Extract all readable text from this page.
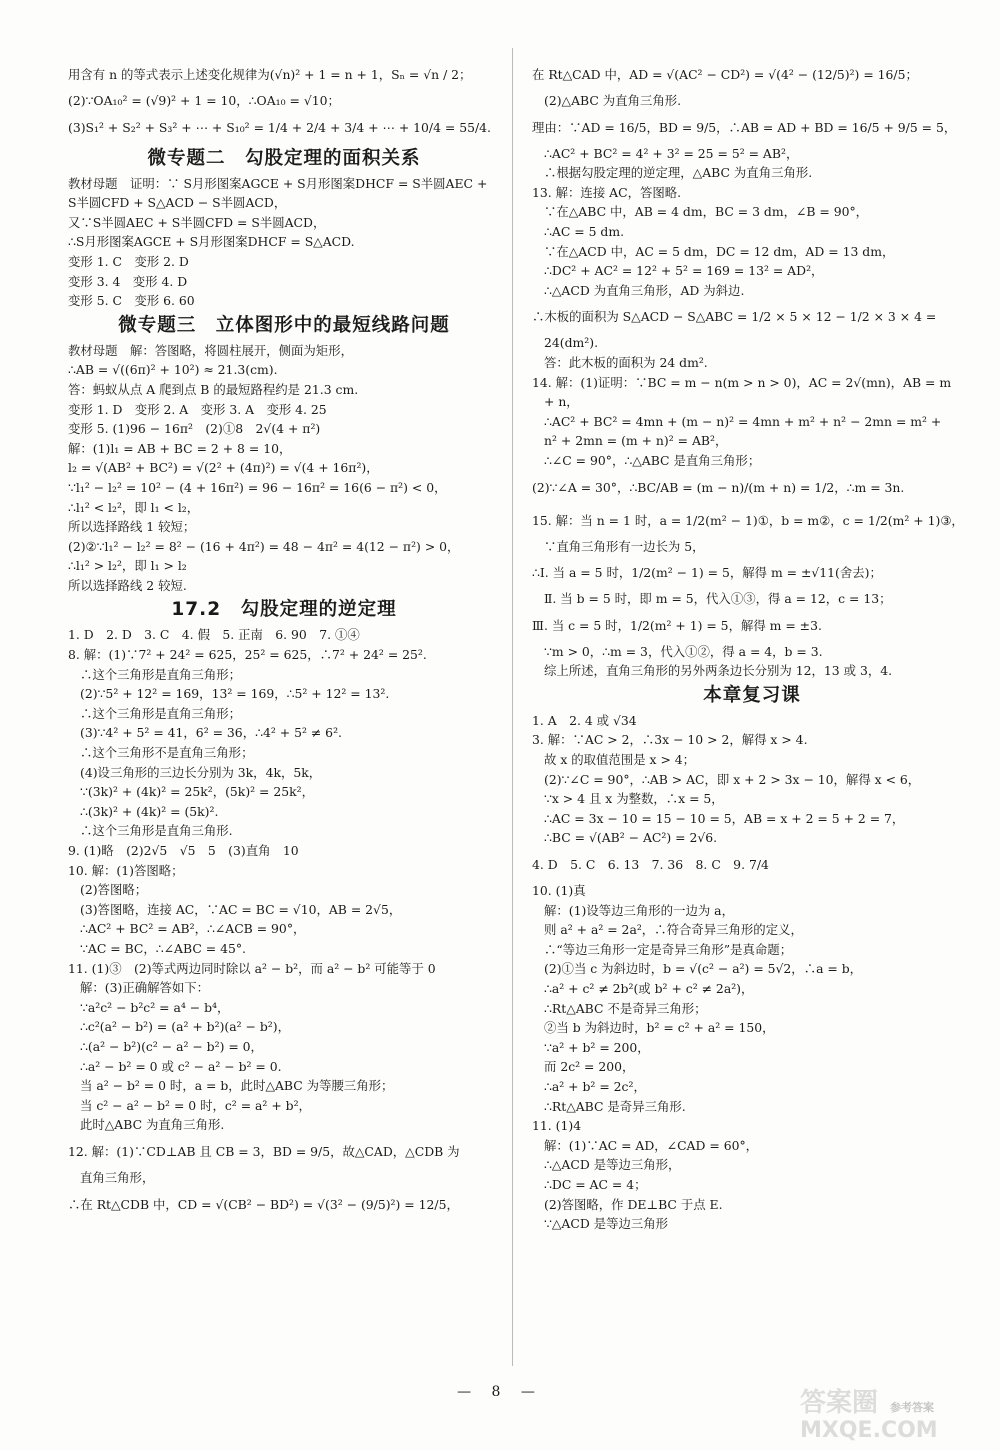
用含有 n 的等式表示上述变化规律为(√n)² + 1 = n + 1，Sₙ = √n / 2；
(2)∵OA₁₀² = (√9)² + 1 = 10，∴OA₁₀ = √10；
(3)S₁² + S₂² + S₃² + ⋯ + S₁₀² = 1/4 + 2/4 + 3/4 + ⋯ + 10/4 = 55/4.
微专题二　勾股定理的面积关系
教材母题　证明：∵ S月形图案AGCE + S月形图案DHCF = S半圆AEC +
S半圆CFD + S△ACD − S半圆ACD，
又∵S半圆AEC + S半圆CFD = S半圆ACD，
∴S月形图案AGCE + S月形图案DHCF = S△ACD.
变形 1. C　变形 2. D
变形 3. 4　变形 4. D
变形 5. C　变形 6. 60
微专题三　立体图形中的最短线路问题
教材母题　解：答图略，将圆柱展开，侧面为矩形，
∴AB = √((6π)² + 10²) ≈ 21.3(cm).
答：蚂蚁从点 A 爬到点 B 的最短路程约是 21.3 cm.
变形 1. D　变形 2. A　变形 3. A　变形 4. 25
变形 5. (1)96 − 16π²　(2)①8　2√(4 + π²)
解：(1)l₁ = AB + BC = 2 + 8 = 10，
l₂ = √(AB² + BC²) = √(2² + (4π)²) = √(4 + 16π²)，
∵l₁² − l₂² = 10² − (4 + 16π²) = 96 − 16π² = 16(6 − π²) < 0，
∴l₁² < l₂²，即 l₁ < l₂，
所以选择路线 1 较短；
(2)②∵l₁² − l₂² = 8² − (16 + 4π²) = 48 − 4π² = 4(12 − π²) > 0，
∴l₁² > l₂²，即 l₁ > l₂
所以选择路线 2 较短.
17.2　勾股定理的逆定理
1. D　2. D　3. C　4. 假　5. 正南　6. 90　7. ①④
8. 解：(1)∵7² + 24² = 625，25² = 625，∴7² + 24² = 25².
∴这个三角形是直角三角形；
(2)∵5² + 12² = 169，13² = 169，∴5² + 12² = 13².
∴这个三角形是直角三角形；
(3)∵4² + 5² = 41，6² = 36，∴4² + 5² ≠ 6².
∴这个三角形不是直角三角形；
(4)设三角形的三边长分别为 3k，4k，5k，
∵(3k)² + (4k)² = 25k²，(5k)² = 25k²，
∴(3k)² + (4k)² = (5k)².
∴这个三角形是直角三角形.
9. (1)略　(2)2√5　√5　5　(3)直角　10
10. 解：(1)答图略；
(2)答图略；
(3)答图略，连接 AC，∵AC = BC = √10，AB = 2√5，
∴AC² + BC² = AB²，∴∠ACB = 90°，
∵AC = BC，∴∠ABC = 45°.
11. (1)③　(2)等式两边同时除以 a² − b²，而 a² − b² 可能等于 0
解：(3)正确解答如下：
∵a²c² − b²c² = a⁴ − b⁴，
∴c²(a² − b²) = (a² + b²)(a² − b²)，
∴(a² − b²)(c² − a² − b²) = 0，
∴a² − b² = 0 或 c² − a² − b² = 0.
当 a² − b² = 0 时，a = b，此时△ABC 为等腰三角形；
当 c² − a² − b² = 0 时，c² = a² + b²，
此时△ABC 为直角三角形.
12. 解：(1)∵CD⊥AB 且 CB = 3，BD = 9/5，故△CAD，△CDB 为
直角三角形，
∴在 Rt△CDB 中，CD = √(CB² − BD²) = √(3² − (9/5)²) = 12/5，
在 Rt△CAD 中，AD = √(AC² − CD²) = √(4² − (12/5)²) = 16/5；
(2)△ABC 为直角三角形.
理由：∵AD = 16/5，BD = 9/5，∴AB = AD + BD = 16/5 + 9/5 = 5，
∴AC² + BC² = 4² + 3² = 25 = 5² = AB²，
∴根据勾股定理的逆定理，△ABC 为直角三角形.
13. 解：连接 AC，答图略.
∵在△ABC 中，AB = 4 dm，BC = 3 dm，∠B = 90°，
∴AC = 5 dm.
∵在△ACD 中，AC = 5 dm，DC = 12 dm，AD = 13 dm，
∴DC² + AC² = 12² + 5² = 169 = 13² = AD²，
∴△ACD 为直角三角形，AD 为斜边.
∴木板的面积为 S△ACD − S△ABC = 1/2 × 5 × 12 − 1/2 × 3 × 4 =
24(dm²).
答：此木板的面积为 24 dm².
14. 解：(1)证明：∵BC = m − n(m > n > 0)，AC = 2√(mn)，AB = m
+ n，
∴AC² + BC² = 4mn + (m − n)² = 4mn + m² + n² − 2mn = m² +
n² + 2mn = (m + n)² = AB²，
∴∠C = 90°，∴△ABC 是直角三角形；
(2)∵∠A = 30°，∴BC/AB = (m − n)/(m + n) = 1/2，∴m = 3n.
15. 解：当 n = 1 时，a = 1/2(m² − 1)①，b = m②，c = 1/2(m² + 1)③，
∵直角三角形有一边长为 5，
∴Ⅰ. 当 a = 5 时，1/2(m² − 1) = 5，解得 m = ±√11(舍去)；
Ⅱ. 当 b = 5 时，即 m = 5，代入①③，得 a = 12，c = 13；
Ⅲ. 当 c = 5 时，1/2(m² + 1) = 5，解得 m = ±3.
∵m > 0，∴m = 3，代入①②，得 a = 4，b = 3.
综上所述，直角三角形的另外两条边长分别为 12，13 或 3，4.
本章复习课
1. A　2. 4 或 √34
3. 解：∵AC > 2，∴3x − 10 > 2，解得 x > 4.
故 x 的取值范围是 x > 4；
(2)∵∠C = 90°，∴AB > AC，即 x + 2 > 3x − 10，解得 x < 6，
∵x > 4 且 x 为整数，∴x = 5，
∴AC = 3x − 10 = 15 − 10 = 5，AB = x + 2 = 5 + 2 = 7，
∴BC = √(AB² − AC²) = 2√6.
4. D　5. C　6. 13　7. 36　8. C　9. 7/4
10. (1)真
解：(1)设等边三角形的一边为 a，
则 a² + a² = 2a²，∴符合奇异三角形的定义，
∴“等边三角形一定是奇异三角形”是真命题；
(2)①当 c 为斜边时，b = √(c² − a²) = 5√2，∴a = b，
∴a² + c² ≠ 2b²(或 b² + c² ≠ 2a²)，
∴Rt△ABC 不是奇异三角形；
②当 b 为斜边时，b² = c² + a² = 150，
∵a² + b² = 200，
而 2c² = 200，
∴a² + b² = 2c²，
∴Rt△ABC 是奇异三角形.
11. (1)4
解：(1)∵AC = AD，∠CAD = 60°，
∴△ACD 是等边三角形，
∴DC = AC = 4；
(2)答图略，作 DE⊥BC 于点 E.
∵△ACD 是等边三角形
— 8 —	答案圈
MXQE.COM
参考答案
